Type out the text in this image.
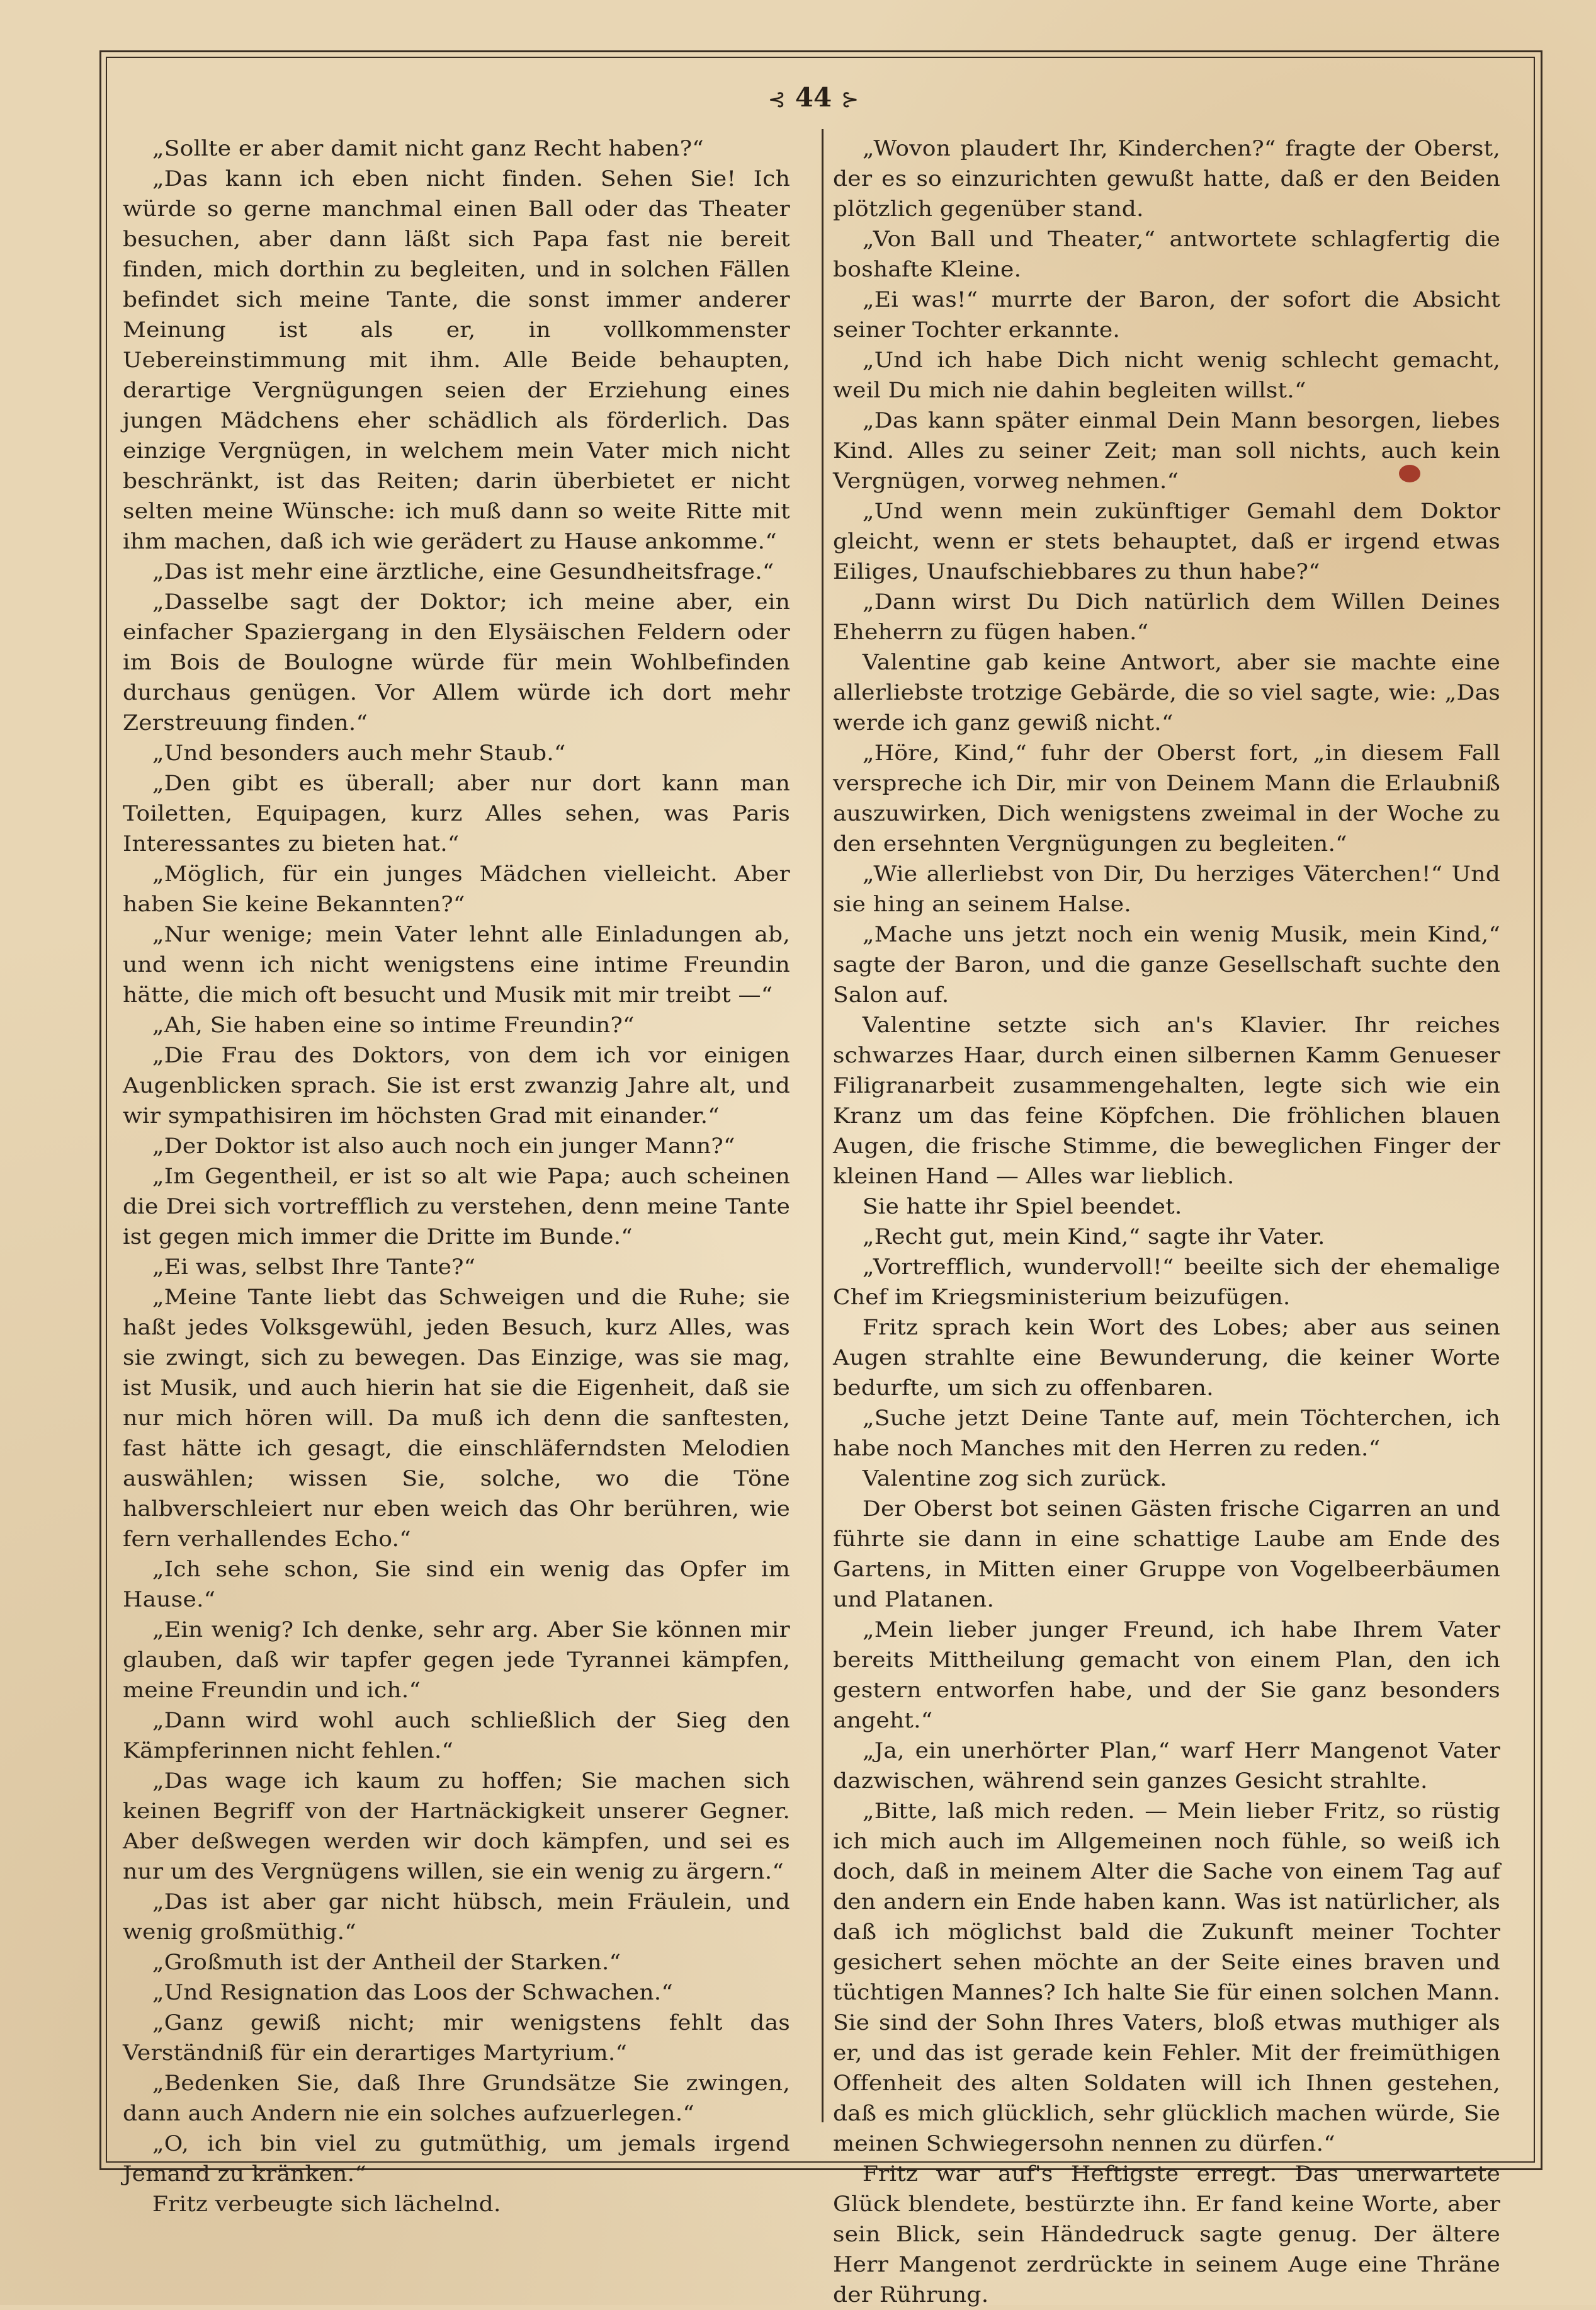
⊰ 44 ⊱

„Sollte er aber damit nicht ganz Recht haben?“

„Das kann ich eben nicht finden. Sehen Sie! Ich würde so gerne manchmal einen Ball oder das Theater besuchen, aber dann läßt sich Papa fast nie bereit finden, mich dorthin zu begleiten, und in solchen Fällen befindet sich meine Tante, die sonst immer anderer Meinung ist als er, in vollkommenster Uebereinstimmung mit ihm. Alle Beide behaupten, derartige Vergnügungen seien der Erziehung eines jungen Mädchens eher schädlich als förderlich. Das einzige Vergnügen, in welchem mein Vater mich nicht beschränkt, ist das Reiten; darin überbietet er nicht selten meine Wünsche: ich muß dann so weite Ritte mit ihm machen, daß ich wie gerädert zu Hause ankomme.“

„Das ist mehr eine ärztliche, eine Gesundheitsfrage.“

„Dasselbe sagt der Doktor; ich meine aber, ein einfacher Spaziergang in den Elysäischen Feldern oder im Bois de Boulogne würde für mein Wohlbefinden durchaus genügen. Vor Allem würde ich dort mehr Zerstreuung finden.“

„Und besonders auch mehr Staub.“

„Den gibt es überall; aber nur dort kann man Toiletten, Equipagen, kurz Alles sehen, was Paris Interessantes zu bieten hat.“

„Möglich, für ein junges Mädchen vielleicht. Aber haben Sie keine Bekannten?“

„Nur wenige; mein Vater lehnt alle Einladungen ab, und wenn ich nicht wenigstens eine intime Freundin hätte, die mich oft besucht und Musik mit mir treibt —“

„Ah, Sie haben eine so intime Freundin?“

„Die Frau des Doktors, von dem ich vor einigen Augenblicken sprach. Sie ist erst zwanzig Jahre alt, und wir sympathisiren im höchsten Grad mit einander.“

„Der Doktor ist also auch noch ein junger Mann?“

„Im Gegentheil, er ist so alt wie Papa; auch scheinen die Drei sich vortrefflich zu verstehen, denn meine Tante ist gegen mich immer die Dritte im Bunde.“

„Ei was, selbst Ihre Tante?“

„Meine Tante liebt das Schweigen und die Ruhe; sie haßt jedes Volksgewühl, jeden Besuch, kurz Alles, was sie zwingt, sich zu bewegen. Das Einzige, was sie mag, ist Musik, und auch hierin hat sie die Eigenheit, daß sie nur mich hören will. Da muß ich denn die sanftesten, fast hätte ich gesagt, die einschläferndsten Melodien auswählen; wissen Sie, solche, wo die Töne halbverschleiert nur eben weich das Ohr berühren, wie fern verhallendes Echo.“

„Ich sehe schon, Sie sind ein wenig das Opfer im Hause.“

„Ein wenig? Ich denke, sehr arg. Aber Sie können mir glauben, daß wir tapfer gegen jede Tyrannei kämpfen, meine Freundin und ich.“

„Dann wird wohl auch schließlich der Sieg den Kämpferinnen nicht fehlen.“

„Das wage ich kaum zu hoffen; Sie machen sich keinen Begriff von der Hartnäckigkeit unserer Gegner. Aber deßwegen werden wir doch kämpfen, und sei es nur um des Vergnügens willen, sie ein wenig zu ärgern.“

„Das ist aber gar nicht hübsch, mein Fräulein, und wenig großmüthig.“

„Großmuth ist der Antheil der Starken.“

„Und Resignation das Loos der Schwachen.“

„Ganz gewiß nicht; mir wenigstens fehlt das Verständniß für ein derartiges Martyrium.“

„Bedenken Sie, daß Ihre Grundsätze Sie zwingen, dann auch Andern nie ein solches aufzuerlegen.“

„O, ich bin viel zu gutmüthig, um jemals irgend Jemand zu kränken.“

Fritz verbeugte sich lächelnd.

„Wovon plaudert Ihr, Kinderchen?“ fragte der Oberst, der es so einzurichten gewußt hatte, daß er den Beiden plötzlich gegenüber stand.

„Von Ball und Theater,“ antwortete schlagfertig die boshafte Kleine.

„Ei was!“ murrte der Baron, der sofort die Absicht seiner Tochter erkannte.

„Und ich habe Dich nicht wenig schlecht gemacht, weil Du mich nie dahin begleiten willst.“

„Das kann später einmal Dein Mann besorgen, liebes Kind. Alles zu seiner Zeit; man soll nichts, auch kein Vergnügen, vorweg nehmen.“

„Und wenn mein zukünftiger Gemahl dem Doktor gleicht, wenn er stets behauptet, daß er irgend etwas Eiliges, Unaufschiebbares zu thun habe?“

„Dann wirst Du Dich natürlich dem Willen Deines Eheherrn zu fügen haben.“

Valentine gab keine Antwort, aber sie machte eine allerliebste trotzige Gebärde, die so viel sagte, wie: „Das werde ich ganz gewiß nicht.“

„Höre, Kind,“ fuhr der Oberst fort, „in diesem Fall verspreche ich Dir, mir von Deinem Mann die Erlaubniß auszuwirken, Dich wenigstens zweimal in der Woche zu den ersehnten Vergnügungen zu begleiten.“

„Wie allerliebst von Dir, Du herziges Väterchen!“ Und sie hing an seinem Halse.

„Mache uns jetzt noch ein wenig Musik, mein Kind,“ sagte der Baron, und die ganze Gesellschaft suchte den Salon auf.

Valentine setzte sich an's Klavier. Ihr reiches schwarzes Haar, durch einen silbernen Kamm Genueser Filigranarbeit zusammengehalten, legte sich wie ein Kranz um das feine Köpfchen. Die fröhlichen blauen Augen, die frische Stimme, die beweglichen Finger der kleinen Hand — Alles war lieblich.

Sie hatte ihr Spiel beendet.

„Recht gut, mein Kind,“ sagte ihr Vater.

„Vortrefflich, wundervoll!“ beeilte sich der ehemalige Chef im Kriegsministerium beizufügen.

Fritz sprach kein Wort des Lobes; aber aus seinen Augen strahlte eine Bewunderung, die keiner Worte bedurfte, um sich zu offenbaren.

„Suche jetzt Deine Tante auf, mein Töchterchen, ich habe noch Manches mit den Herren zu reden.“

Valentine zog sich zurück.

Der Oberst bot seinen Gästen frische Cigarren an und führte sie dann in eine schattige Laube am Ende des Gartens, in Mitten einer Gruppe von Vogelbeerbäumen und Platanen.

„Mein lieber junger Freund, ich habe Ihrem Vater bereits Mittheilung gemacht von einem Plan, den ich gestern entworfen habe, und der Sie ganz besonders angeht.“

„Ja, ein unerhörter Plan,“ warf Herr Mangenot Vater dazwischen, während sein ganzes Gesicht strahlte.

„Bitte, laß mich reden. — Mein lieber Fritz, so rüstig ich mich auch im Allgemeinen noch fühle, so weiß ich doch, daß in meinem Alter die Sache von einem Tag auf den andern ein Ende haben kann. Was ist natürlicher, als daß ich möglichst bald die Zukunft meiner Tochter gesichert sehen möchte an der Seite eines braven und tüchtigen Mannes? Ich halte Sie für einen solchen Mann. Sie sind der Sohn Ihres Vaters, bloß etwas muthiger als er, und das ist gerade kein Fehler. Mit der freimüthigen Offenheit des alten Soldaten will ich Ihnen gestehen, daß es mich glücklich, sehr glücklich machen würde, Sie meinen Schwiegersohn nennen zu dürfen.“

Fritz war auf's Heftigste erregt. Das unerwartete Glück blendete, bestürzte ihn. Er fand keine Worte, aber sein Blick, sein Händedruck sagte genug. Der ältere Herr Mangenot zerdrückte in seinem Auge eine Thräne der Rührung.
